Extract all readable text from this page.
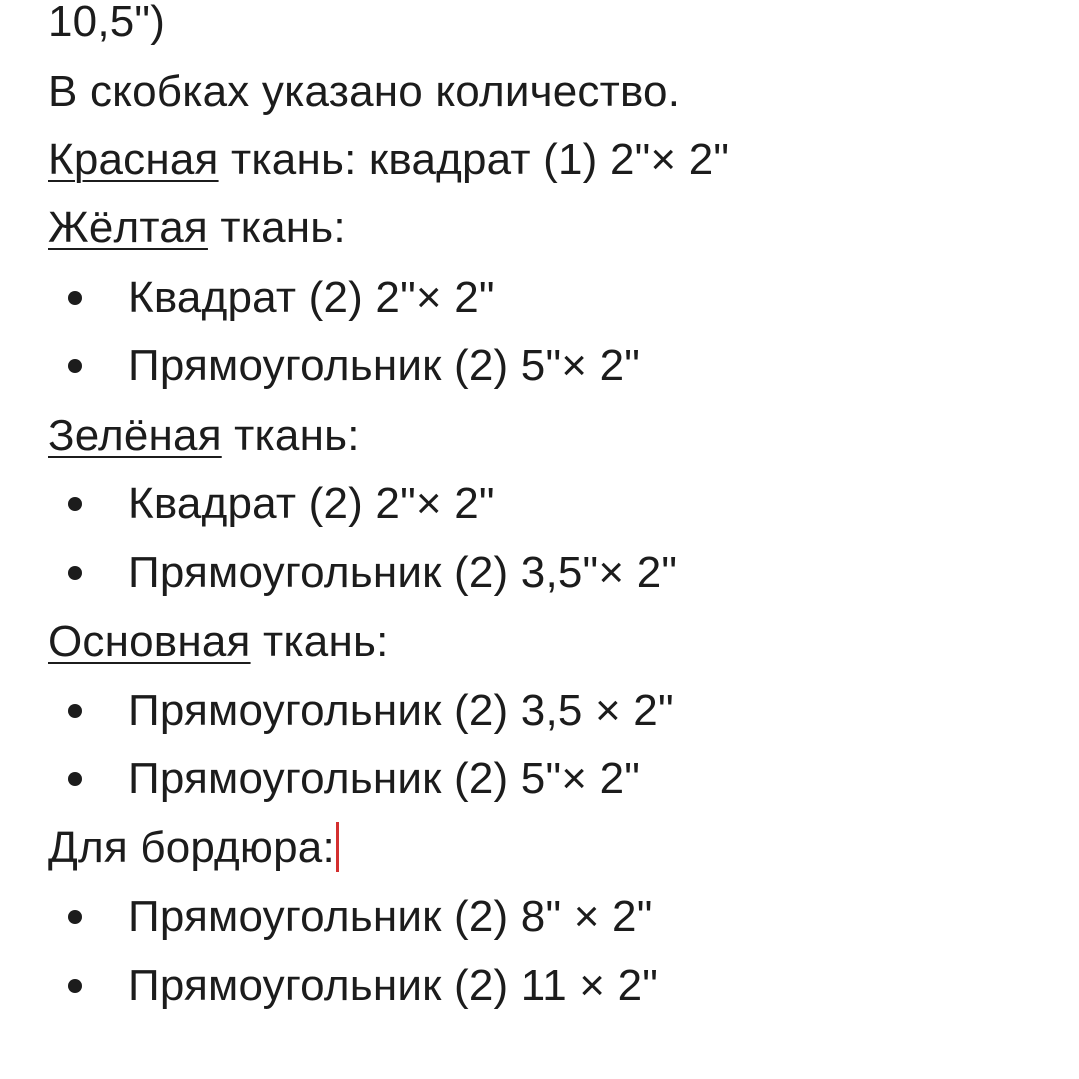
10,5")
В скобках указано количество.
Красная ткань: квадрат (1) 2"× 2"
Жёлтая ткань:
Квадрат (2) 2"× 2"
Прямоугольник (2) 5"× 2"
Зелёная ткань:
Квадрат (2) 2"× 2"
Прямоугольник (2) 3,5"× 2"
Основная ткань:
Прямоугольник (2) 3,5 × 2"
Прямоугольник (2) 5"× 2"
Для бордюра:
Прямоугольник (2) 8" × 2"
Прямоугольник (2) 11 × 2"
